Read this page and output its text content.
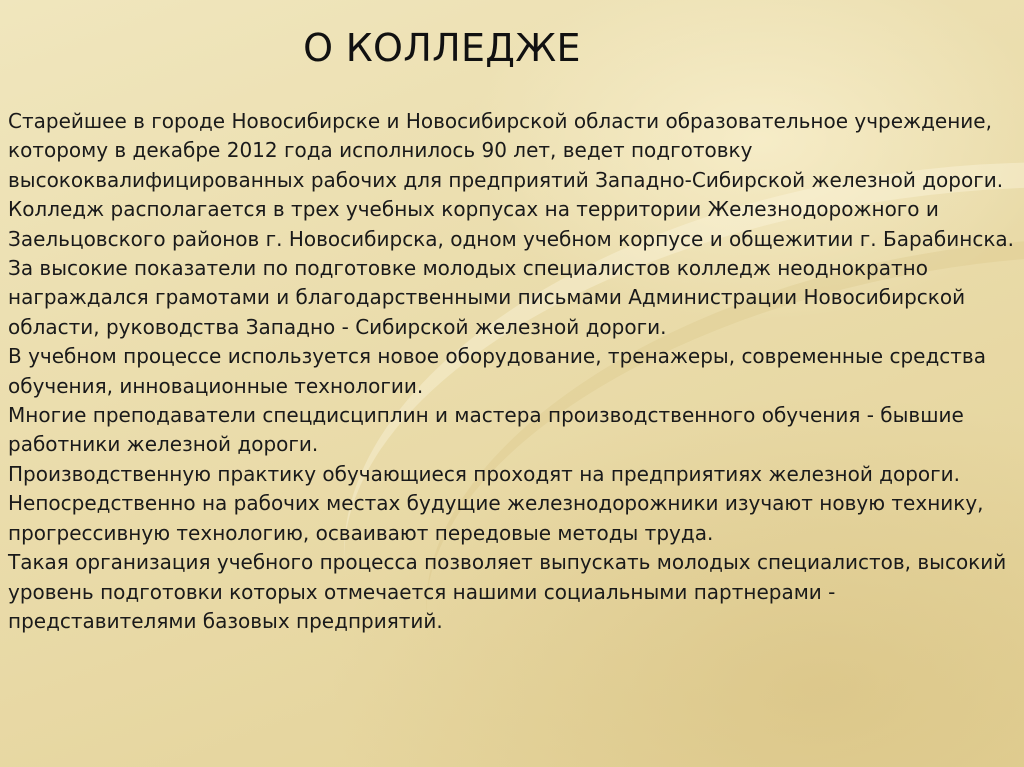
О КОЛЛЕДЖЕ

Старейшее в городе Новосибирске и Новосибирской области образовательное учреждение, которому в декабре 2012 года исполнилось 90 лет, ведет подготовку высококвалифицированных рабочих для предприятий Западно-Сибирской железной дороги.

Колледж располагается в трех учебных корпусах на территории Железнодорожного и Заельцовского районов г. Новосибирска, одном учебном корпусе и общежитии г. Барабинска.

За высокие показатели по подготовке молодых специалистов колледж неоднократно награждался грамотами и благодарственными письмами Администрации Новосибирской области, руководства Западно - Сибирской железной дороги.

В учебном процессе используется новое оборудование, тренажеры, современные средства обучения, инновационные технологии.

Многие преподаватели спецдисциплин и мастера производственного обучения - бывшие работники железной дороги.

Производственную практику обучающиеся проходят на предприятиях железной дороги. Непосредственно на рабочих местах будущие железнодорожники изучают новую технику, прогрессивную технологию, осваивают передовые методы труда.

Такая организация учебного процесса позволяет выпускать молодых специалистов, высокий уровень подготовки которых отмечается нашими социальными партнерами - представителями базовых предприятий.
